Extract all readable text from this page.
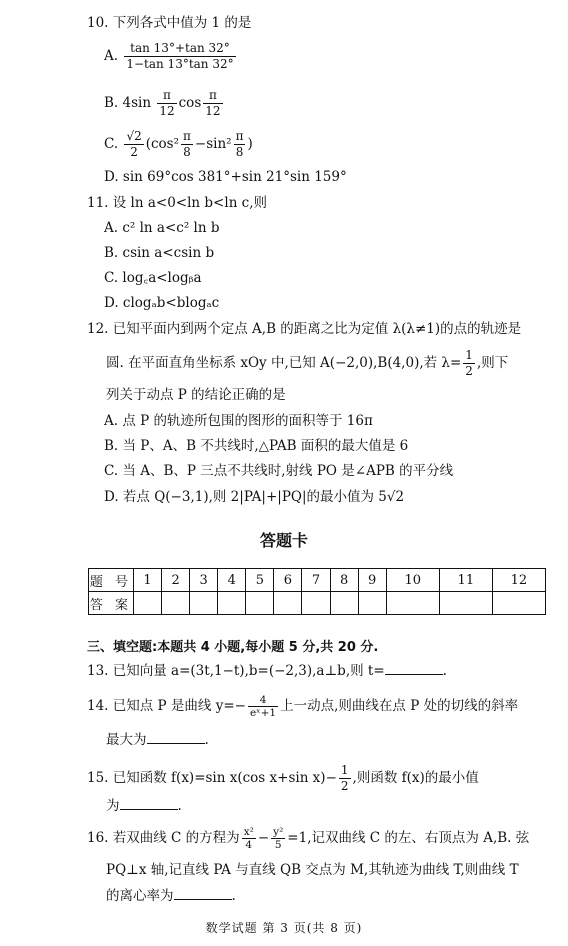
10. 下列各式中值为 1 的是
A. $\frac{\tan 13^\circ+\tan 32^\circ}{1-\tan 13^\circ\tan 32^\circ}$
B. $4\sin \frac{\pi}{12}$ $\cos \frac{\pi}{12}$
C. $\frac{√2}{2} (\cos^2 \frac{\pi}{8} -\sin^2 \frac{\pi}{8}$ )
D. sin 69°cos 381°+sin 21°sin 159°
11. 设 ln a<0<ln b<ln c,则
A. c² ln a<c² ln b
B. csin a<csin b
C. log꜀a<logᵦa
D. clogₐb<blogₐc
12. 已知平面内到两个定点 A,B 的距离之比为定值 λ(λ≠1)的点的轨迹是
圆. 在平面直角坐标系 xOy 中,已知 A(−2,0),B(4,0),若 $\lambda= \frac{1}{2}$ ,则下
列关于动点 P 的结论正确的是
A. 点 P 的轨迹所包围的图形的面积等于 16π
B. 当 P、A、B 不共线时,△PAB 面积的最大值是 6
C. 当 A、B、P 三点不共线时,射线 PO 是∠APB 的平分线
D. 若点 Q(−3,1),则 2|PA|+|PQ|的最小值为 5√2
答题卡
题 号	1	2	3	4	5	6	7	8	9	10	11	12
答 案												
三、填空题:本题共 4 小题,每小题 5 分,共 20 分.
13. 已知向量 a=(3t,1−t),b=(−2,3),a⊥b,则 t=	.
14. 已知点 P 是曲线 $y=- \frac{4}{\text{eˣ+1}}$ 上一动点,则曲线在点 P 处的切线的斜率
最大为	.
15. 已知函数 f(x)=sin x(cos x+sin $x)- \frac{1}{2}$ ,则函数 f(x)的最小值
为	.
16. 若双曲线 C 的方程为 $\frac{\text{x²}}{4} - \frac{\text{y²}}{5} =1$,记双曲线 C 的左、右顶点为 A,B. 弦
PQ⊥x 轴,记直线 PA 与直线 QB 交点为 M,其轨迹为曲线 T,则曲线 T
的离心率为	.
数学试题 第 3 页(共 8 页)
